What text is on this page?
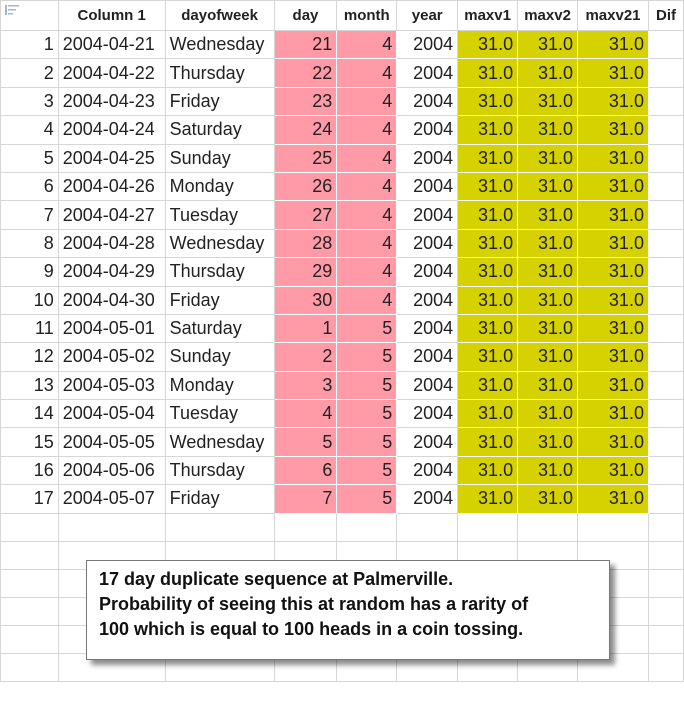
	Column 1	dayofweek	day	month	year	maxv1	maxv2	maxv21	Dif
1	2004-04-21	Wednesday	21	4	2004	31.0	31.0	31.0	
2	2004-04-22	Thursday	22	4	2004	31.0	31.0	31.0	
3	2004-04-23	Friday	23	4	2004	31.0	31.0	31.0	
4	2004-04-24	Saturday	24	4	2004	31.0	31.0	31.0	
5	2004-04-25	Sunday	25	4	2004	31.0	31.0	31.0	
6	2004-04-26	Monday	26	4	2004	31.0	31.0	31.0	
7	2004-04-27	Tuesday	27	4	2004	31.0	31.0	31.0	
8	2004-04-28	Wednesday	28	4	2004	31.0	31.0	31.0	
9	2004-04-29	Thursday	29	4	2004	31.0	31.0	31.0	
10	2004-04-30	Friday	30	4	2004	31.0	31.0	31.0	
11	2004-05-01	Saturday	1	5	2004	31.0	31.0	31.0	
12	2004-05-02	Sunday	2	5	2004	31.0	31.0	31.0	
13	2004-05-03	Monday	3	5	2004	31.0	31.0	31.0	
14	2004-05-04	Tuesday	4	5	2004	31.0	31.0	31.0	
15	2004-05-05	Wednesday	5	5	2004	31.0	31.0	31.0	
16	2004-05-06	Thursday	6	5	2004	31.0	31.0	31.0	
17	2004-05-07	Friday	7	5	2004	31.0	31.0	31.0	

17 day duplicate sequence at Palmerville.
Probability of seeing this at random has a rarity of
100 which is equal to 100 heads in a coin tossing.
